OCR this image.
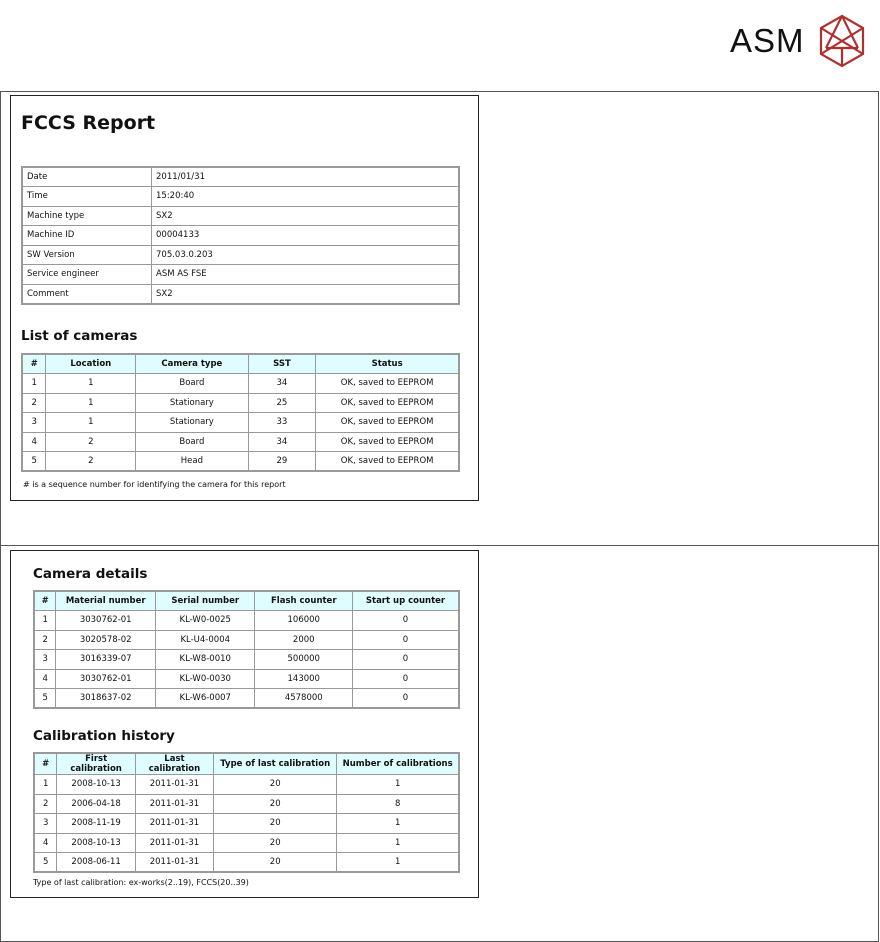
ASM
FCCS Report
Date	2011/01/31
Time	15:20:40
Machine type	SX2
Machine ID	00004133
SW Version	705.03.0.203
Service engineer	ASM AS FSE
Comment	SX2
List of cameras
#	Location	Camera type	SST	Status
1	1	Board	34	OK, saved to EEPROM
2	1	Stationary	25	OK, saved to EEPROM
3	1	Stationary	33	OK, saved to EEPROM
4	2	Board	34	OK, saved to EEPROM
5	2	Head	29	OK, saved to EEPROM
# is a sequence number for identifying the camera for this report
Camera details
#	Material number	Serial number	Flash counter	Start up counter
1	3030762-01	KL-W0-0025	106000	0
2	3020578-02	KL-U4-0004	2000	0
3	3016339-07	KL-W8-0010	500000	0
4	3030762-01	KL-W0-0030	143000	0
5	3018637-02	KL-W6-0007	4578000	0
Calibration history
#	First calibration	Last calibration	Type of last calibration	Number of calibrations
1	2008-10-13	2011-01-31	20	1
2	2006-04-18	2011-01-31	20	8
3	2008-11-19	2011-01-31	20	1
4	2008-10-13	2011-01-31	20	1
5	2008-06-11	2011-01-31	20	1
Type of last calibration: ex-works(2..19), FCCS(20..39)
